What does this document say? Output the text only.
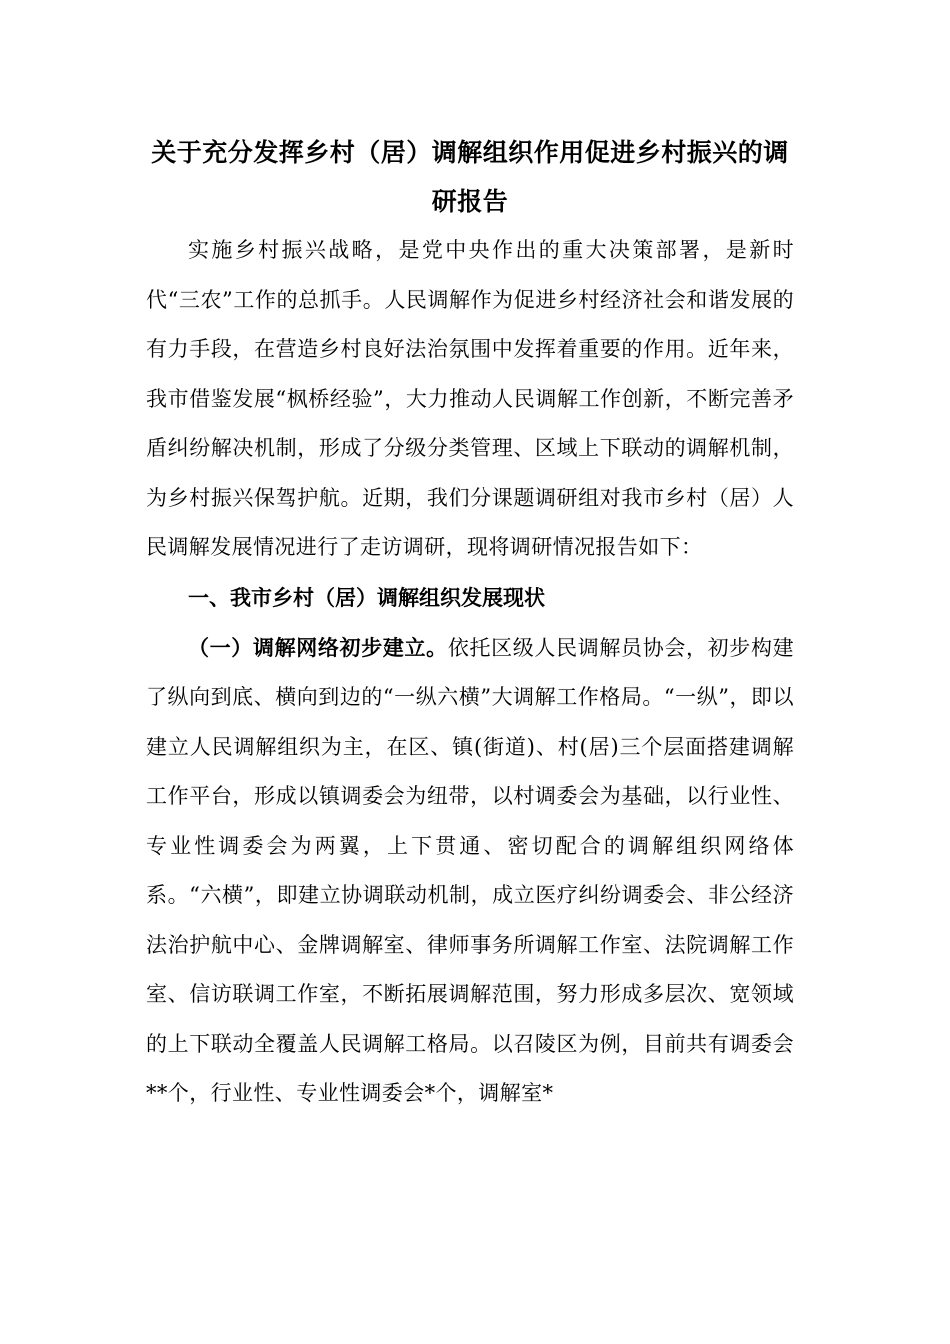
关于充分发挥乡村（居）调解组织作用促进乡村振兴的调研报告

实施乡村振兴战略，是党中央作出的重大决策部署，是新时代“三农”工作的总抓手。人民调解作为促进乡村经济社会和谐发展的有力手段，在营造乡村良好法治氛围中发挥着重要的作用。近年来，我市借鉴发展“枫桥经验”，大力推动人民调解工作创新，不断完善矛盾纠纷解决机制，形成了分级分类管理、区域上下联动的调解机制，为乡村振兴保驾护航。近期，我们分课题调研组对我市乡村（居）人民调解发展情况进行了走访调研，现将调研情况报告如下：

一、我市乡村（居）调解组织发展现状

（一）调解网络初步建立。依托区级人民调解员协会，初步构建了纵向到底、横向到边的“一纵六横”大调解工作格局。“一纵”，即以建立人民调解组织为主，在区、镇(街道)、村(居)三个层面搭建调解工作平台，形成以镇调委会为纽带，以村调委会为基础，以行业性、专业性调委会为两翼，上下贯通、密切配合的调解组织网络体系。“六横”，即建立协调联动机制，成立医疗纠纷调委会、非公经济法治护航中心、金牌调解室、律师事务所调解工作室、法院调解工作室、信访联调工作室，不断拓展调解范围，努力形成多层次、宽领域的上下联动全覆盖人民调解工格局。以召陵区为例，目前共有调委会**个，行业性、专业性调委会*个，调解室*
